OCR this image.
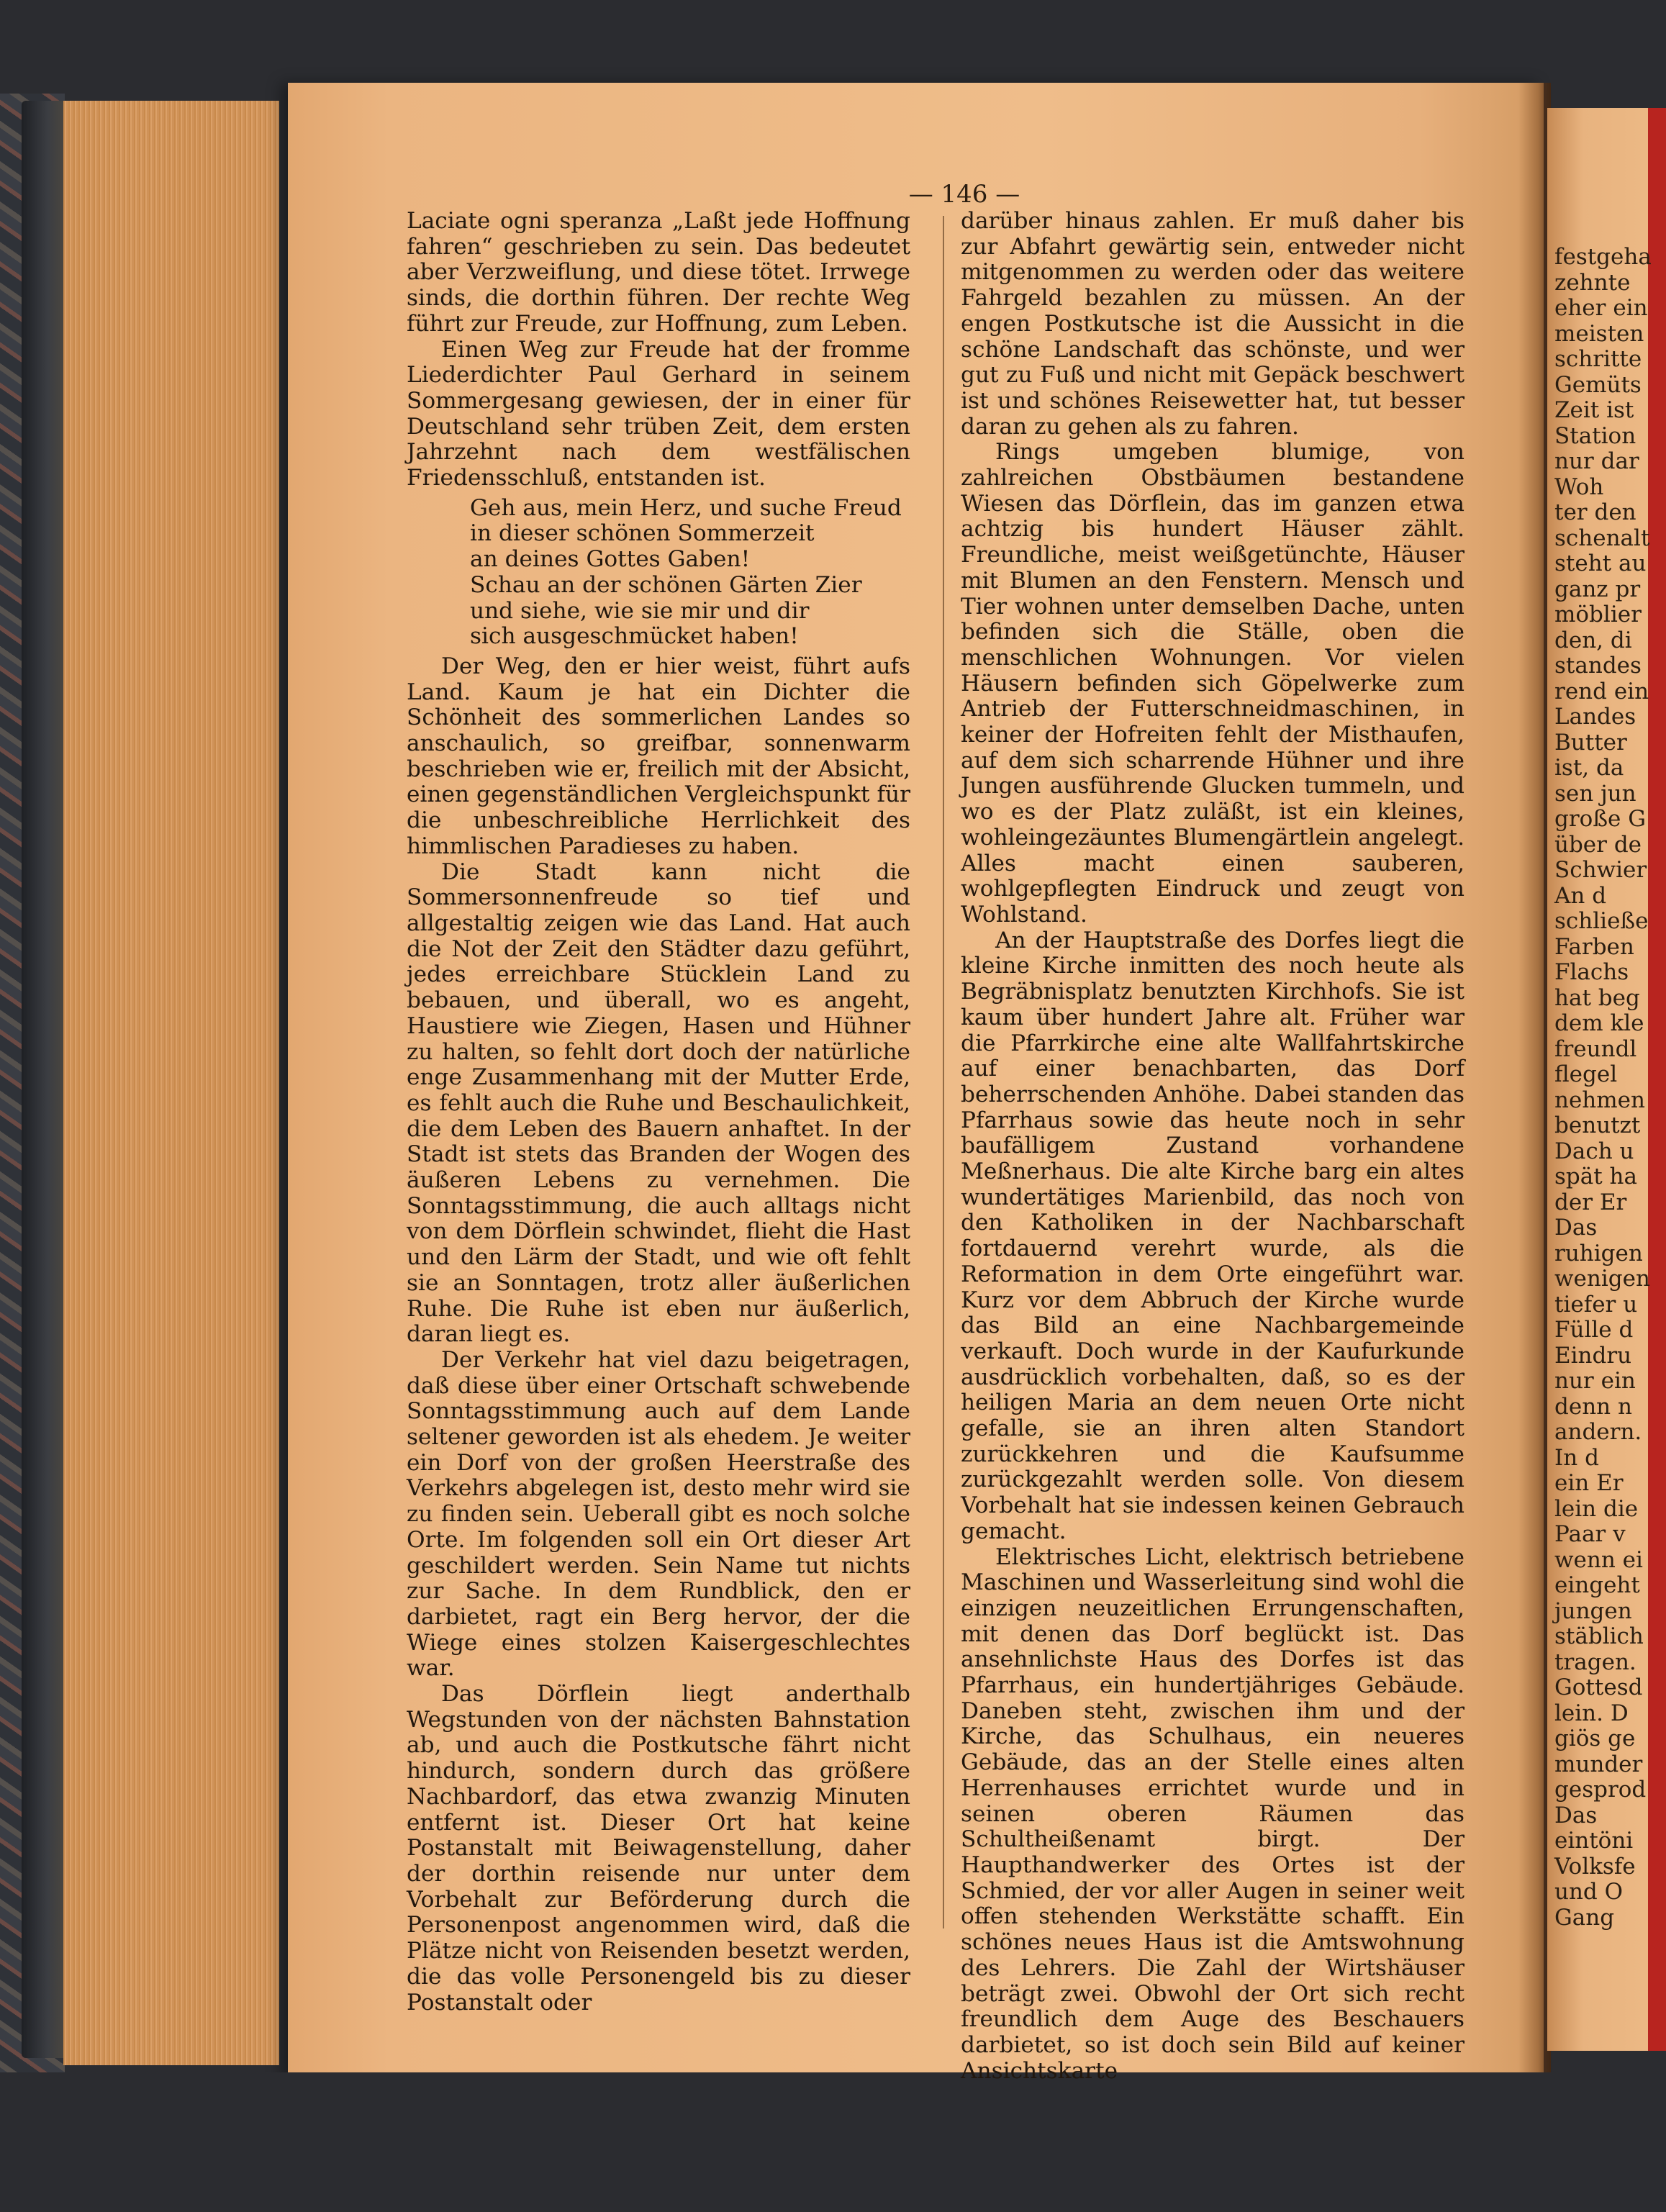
— 146 —

Laciate ogni speranza „Laßt jede Hoffnung fahren“ geschrieben zu sein. Das bedeutet aber Verzweiflung, und diese tötet. Irrwege sinds, die dorthin führen. Der rechte Weg führt zur Freude, zur Hoffnung, zum Leben.

Einen Weg zur Freude hat der fromme Liederdichter Paul Gerhard in seinem Sommergesang gewiesen, der in einer für Deutschland sehr trüben Zeit, dem ersten Jahrzehnt nach dem westfälischen Friedensschluß, entstanden ist.

Geh aus, mein Herz, und suche Freud
in dieser schönen Sommerzeit
an deines Gottes Gaben!
Schau an der schönen Gärten Zier
und siehe, wie sie mir und dir
sich ausgeschmücket haben!

Der Weg, den er hier weist, führt aufs Land. Kaum je hat ein Dichter die Schönheit des sommerlichen Landes so anschaulich, so greifbar, sonnenwarm beschrieben wie er, freilich mit der Absicht, einen gegenständlichen Vergleichspunkt für die unbeschreibliche Herrlichkeit des himmlischen Paradieses zu haben.

Die Stadt kann nicht die Sommersonnenfreude so tief und allgestaltig zeigen wie das Land. Hat auch die Not der Zeit den Städter dazu geführt, jedes erreichbare Stücklein Land zu bebauen, und überall, wo es angeht, Haustiere wie Ziegen, Hasen und Hühner zu halten, so fehlt dort doch der natürliche enge Zusammenhang mit der Mutter Erde, es fehlt auch die Ruhe und Beschaulichkeit, die dem Leben des Bauern anhaftet. In der Stadt ist stets das Branden der Wogen des äußeren Lebens zu vernehmen. Die Sonntagsstimmung, die auch alltags nicht von dem Dörflein schwindet, flieht die Hast und den Lärm der Stadt, und wie oft fehlt sie an Sonntagen, trotz aller äußerlichen Ruhe. Die Ruhe ist eben nur äußerlich, daran liegt es.

Der Verkehr hat viel dazu beigetragen, daß diese über einer Ortschaft schwebende Sonntagsstimmung auch auf dem Lande seltener geworden ist als ehedem. Je weiter ein Dorf von der großen Heerstraße des Verkehrs abgelegen ist, desto mehr wird sie zu finden sein. Ueberall gibt es noch solche Orte. Im folgenden soll ein Ort dieser Art geschildert werden. Sein Name tut nichts zur Sache. In dem Rundblick, den er darbietet, ragt ein Berg hervor, der die Wiege eines stolzen Kaisergeschlechtes war.

Das Dörflein liegt anderthalb Wegstunden von der nächsten Bahnstation ab, und auch die Postkutsche fährt nicht hindurch, sondern durch das größere Nachbardorf, das etwa zwanzig Minuten entfernt ist. Dieser Ort hat keine Postanstalt mit Beiwagenstellung, daher der dorthin reisende nur unter dem Vorbehalt zur Beförderung durch die Personenpost angenommen wird, daß die Plätze nicht von Reisenden besetzt werden, die das volle Personengeld bis zu dieser Postanstalt oder

darüber hinaus zahlen. Er muß daher bis zur Abfahrt gewärtig sein, entweder nicht mitgenommen zu werden oder das weitere Fahrgeld bezahlen zu müssen. An der engen Postkutsche ist die Aussicht in die schöne Landschaft das schönste, und wer gut zu Fuß und nicht mit Gepäck beschwert ist und schönes Reisewetter hat, tut besser daran zu gehen als zu fahren.

Rings umgeben blumige, von zahlreichen Obstbäumen bestandene Wiesen das Dörflein, das im ganzen etwa achtzig bis hundert Häuser zählt. Freundliche, meist weißgetünchte, Häuser mit Blumen an den Fenstern. Mensch und Tier wohnen unter demselben Dache, unten befinden sich die Ställe, oben die menschlichen Wohnungen. Vor vielen Häusern befinden sich Göpelwerke zum Antrieb der Futterschneidmaschinen, in keiner der Hofreiten fehlt der Misthaufen, auf dem sich scharrende Hühner und ihre Jungen ausführende Glucken tummeln, und wo es der Platz zuläßt, ist ein kleines, wohleingezäuntes Blumengärtlein angelegt. Alles macht einen sauberen, wohlgepflegten Eindruck und zeugt von Wohlstand.

An der Hauptstraße des Dorfes liegt die kleine Kirche inmitten des noch heute als Begräbnisplatz benutzten Kirchhofs. Sie ist kaum über hundert Jahre alt. Früher war die Pfarrkirche eine alte Wallfahrtskirche auf einer benachbarten, das Dorf beherrschenden Anhöhe. Dabei standen das Pfarrhaus sowie das heute noch in sehr baufälligem Zustand vorhandene Meßnerhaus. Die alte Kirche barg ein altes wundertätiges Marienbild, das noch von den Katholiken in der Nachbarschaft fortdauernd verehrt wurde, als die Reformation in dem Orte eingeführt war. Kurz vor dem Abbruch der Kirche wurde das Bild an eine Nachbargemeinde verkauft. Doch wurde in der Kaufurkunde ausdrücklich vorbehalten, daß, so es der heiligen Maria an dem neuen Orte nicht gefalle, sie an ihren alten Standort zurückkehren und die Kaufsumme zurückgezahlt werden solle. Von diesem Vorbehalt hat sie indessen keinen Gebrauch gemacht.

Elektrisches Licht, elektrisch betriebene Maschinen und Wasserleitung sind wohl die einzigen neuzeitlichen Errungenschaften, mit denen das Dorf beglückt ist. Das ansehnlichste Haus des Dorfes ist das Pfarrhaus, ein hundertjähriges Gebäude. Daneben steht, zwischen ihm und der Kirche, das Schulhaus, ein neueres Gebäude, das an der Stelle eines alten Herrenhauses errichtet wurde und in seinen oberen Räumen das Schultheißenamt birgt. Der Haupthandwerker des Ortes ist der Schmied, der vor aller Augen in seiner weit offen stehenden Werkstätte schafft. Ein schönes neues Haus ist die Amtswohnung des Lehrers. Die Zahl der Wirtshäuser beträgt zwei. Obwohl der Ort sich recht freundlich dem Auge des Beschauers darbietet, so ist doch sein Bild auf keiner Ansichtskarte

festgeha
zehnte
eher ein
meisten
schritte
Gemüts
Zeit ist
Station
nur dar
Woh
ter den
schenalt
steht au
ganz pr
möblier
den, di
standes
rend ein
Landes
Butter
ist, da
sen jun
große G
über de
Schwier
An d
schließe
Farben
Flachs
hat beg
dem kle
freundl
flegel
nehmen
benutzt
Dach u
spät ha
der Er
Das
ruhigen
wenigen
tiefer u
Fülle d
Eindru
nur ein
denn n
andern.
In d
ein Er
lein die
Paar v
wenn ei
eingeht
jungen
stäblich
tragen.
Gottesd
lein. D
giös ge
munder
gesprod
Das
eintöni
Volksfe
und O
Gang
